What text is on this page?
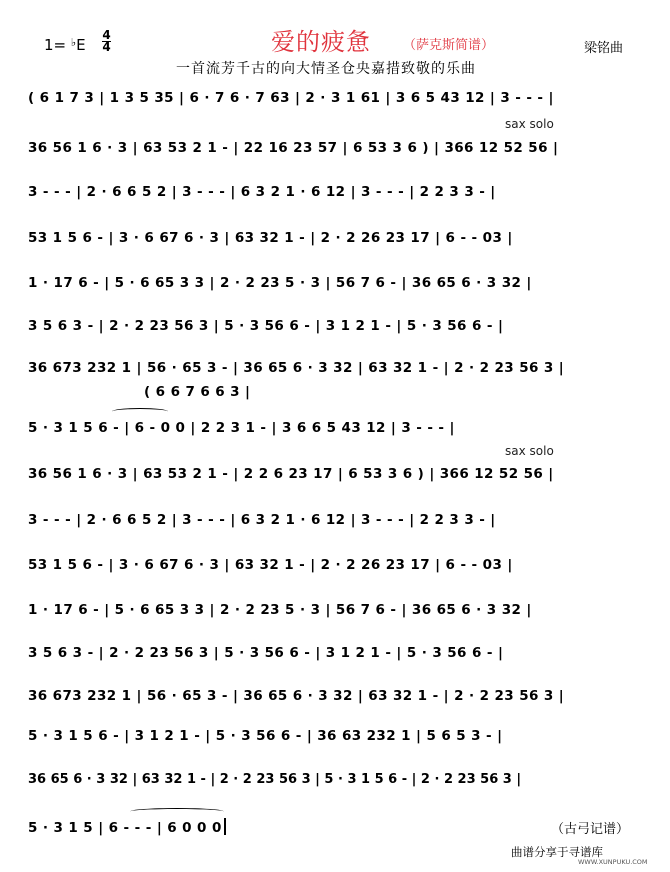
1= ♭E
4
4	爱的疲惫 （萨克斯简谱）	梁铭曲
一首流芳千古的向大情圣仓央嘉措致敬的乐曲
( 6 1 7 3 | 1 3 5 35 | 6 · 7 6 · 7 63 | 2 · 3 1 61 | 3 6 5 43 12 | 3 - - - |
sax solo
36 56 1 6 · 3 | 63 53 2 1 - | 22 16 23 57 | 6 53 3 6 ) | 366 12 52 56 |
3 - - - | 2 · 6 6 5 2 | 3 - - - | 6 3 2 1 · 6 12 | 3 - - - | 2 2 3 3 - |
53 1 5 6 - | 3 · 6 67 6 · 3 | 63 32 1 - | 2 · 2 26 23 17 | 6 - - 03 |
1 · 17 6 - | 5 · 6 65 3 3 | 2 · 2 23 5 · 3 | 56 7 6 - | 36 65 6 · 3 32 |
3 5 6 3 - | 2 · 2 23 56 3 | 5 · 3 56 6 - | 3 1 2 1 - | 5 · 3 56 6 - |
36 673 232 1 | 56 · 65 3 - | 36 65 6 · 3 32 | 63 32 1 - | 2 · 2 23 56 3 |
( 6 6 7 6 6 3 |
5 · 3 1 5 6 - | 6 - 0 0 | 2 2 3 1 - | 3 6 6 5 43 12 | 3 - - - |
sax solo
36 56 1 6 · 3 | 63 53 2 1 - | 2 2 6 23 17 | 6 53 3 6 ) | 366 12 52 56 |
3 - - - | 2 · 6 6 5 2 | 3 - - - | 6 3 2 1 · 6 12 | 3 - - - | 2 2 3 3 - |
53 1 5 6 - | 3 · 6 67 6 · 3 | 63 32 1 - | 2 · 2 26 23 17 | 6 - - 03 |
1 · 17 6 - | 5 · 6 65 3 3 | 2 · 2 23 5 · 3 | 56 7 6 - | 36 65 6 · 3 32 |
3 5 6 3 - | 2 · 2 23 56 3 | 5 · 3 56 6 - | 3 1 2 1 - | 5 · 3 56 6 - |
36 673 232 1 | 56 · 65 3 - | 36 65 6 · 3 32 | 63 32 1 - | 2 · 2 23 56 3 |
5 · 3 1 5 6 - | 3 1 2 1 - | 5 · 3 56 6 - | 36 63 232 1 | 5 6 5 3 - |
36 65 6 · 3 32 | 63 32 1 - | 2 · 2 23 56 3 | 5 · 3 1 5 6 - | 2 · 2 23 56 3 |
5 · 3 1 5 | 6 - - - | 6 0 0 0	（古弓记谱）
曲谱分享于寻谱库
WWW.XUNPUKU.COM
